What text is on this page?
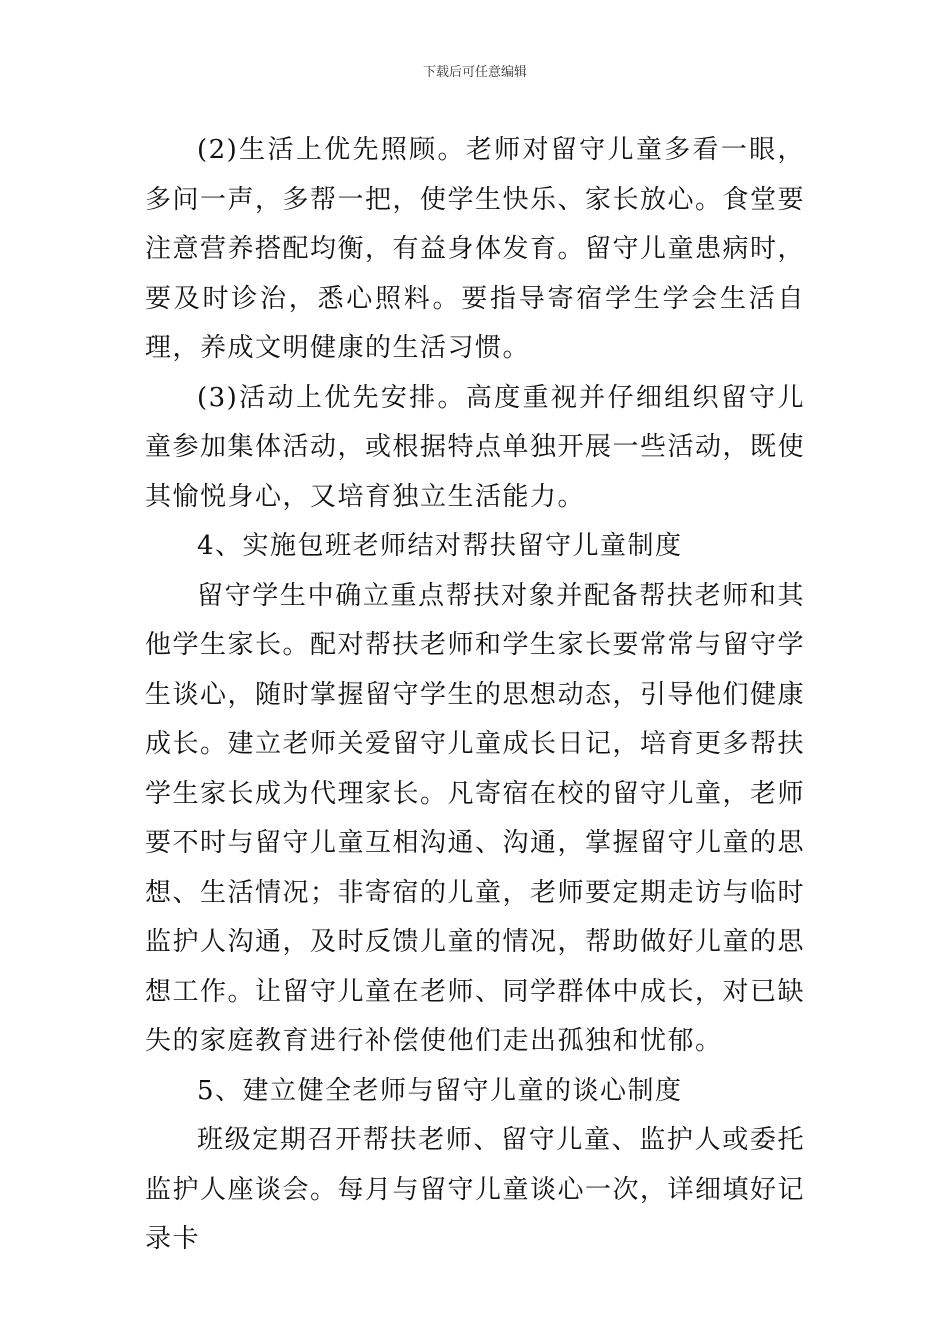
下载后可任意编辑

(2)生活上优先照顾。老师对留守儿童多看一眼，多问一声，多帮一把，使学生快乐、家长放心。食堂要注意营养搭配均衡，有益身体发育。留守儿童患病时，要及时诊治，悉心照料。要指导寄宿学生学会生活自理，养成文明健康的生活习惯。

(3)活动上优先安排。高度重视并仔细组织留守儿童参加集体活动，或根据特点单独开展一些活动，既使其愉悦身心，又培育独立生活能力。

4、实施包班老师结对帮扶留守儿童制度

留守学生中确立重点帮扶对象并配备帮扶老师和其他学生家长。配对帮扶老师和学生家长要常常与留守学生谈心，随时掌握留守学生的思想动态，引导他们健康成长。建立老师关爱留守儿童成长日记，培育更多帮扶学生家长成为代理家长。凡寄宿在校的留守儿童，老师要不时与留守儿童互相沟通、沟通，掌握留守儿童的思想、生活情况；非寄宿的儿童，老师要定期走访与临时监护人沟通，及时反馈儿童的情况，帮助做好儿童的思想工作。让留守儿童在老师、同学群体中成长，对已缺失的家庭教育进行补偿使他们走出孤独和忧郁。

5、建立健全老师与留守儿童的谈心制度

班级定期召开帮扶老师、留守儿童、监护人或委托监护人座谈会。每月与留守儿童谈心一次，详细填好记录卡
